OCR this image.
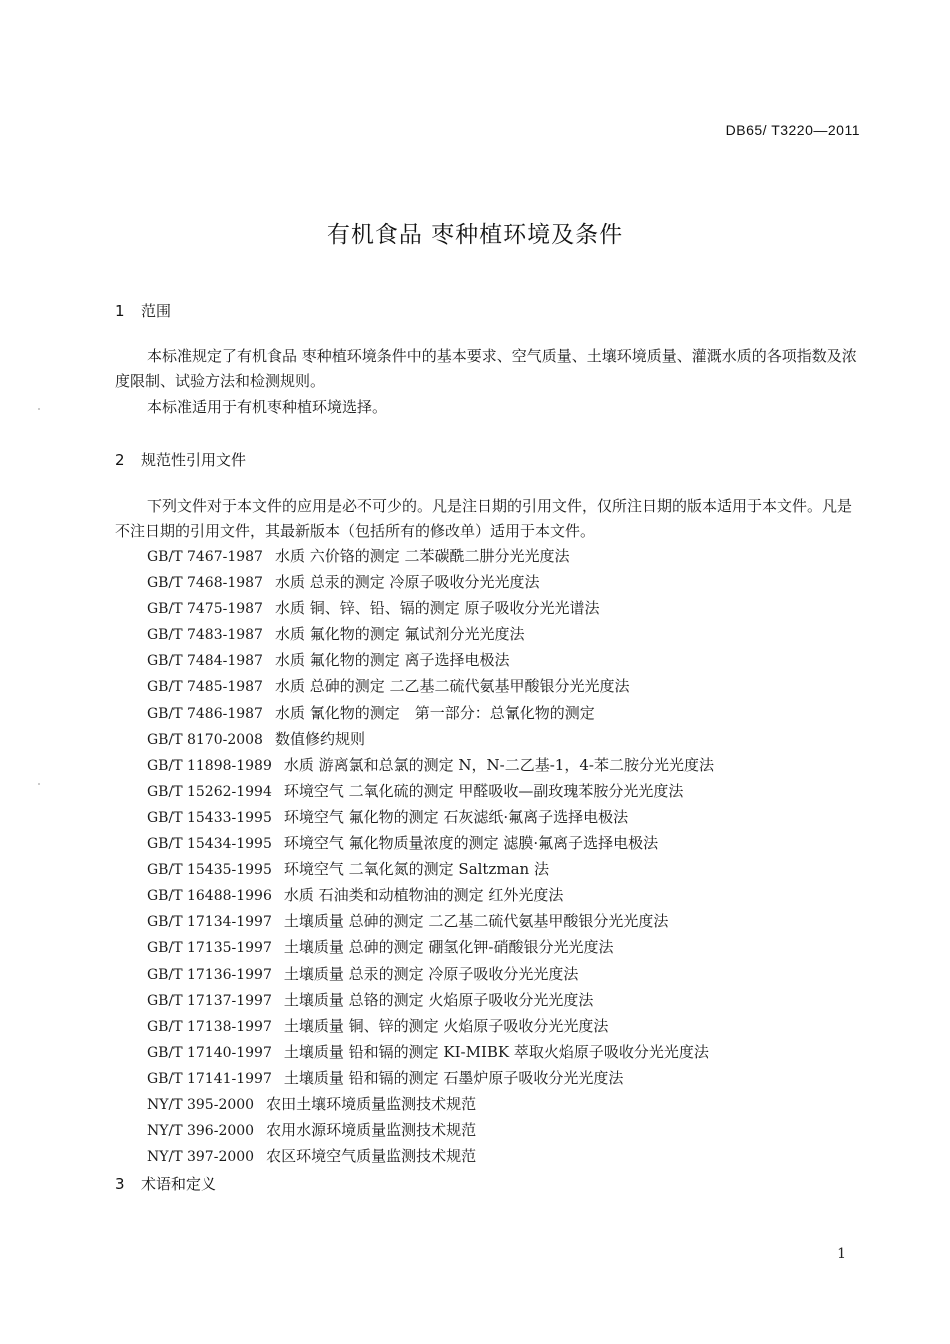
DB65/ T3220—2011
有机食品 枣种植环境及条件
1 范围
本标准规定了有机食品 枣种植环境条件中的基本要求、空气质量、土壤环境质量、灌溉水质的各项指数及浓度限制、试验方法和检测规则。
本标准适用于有机枣种植环境选择。
2 规范性引用文件
下列文件对于本文件的应用是必不可少的。凡是注日期的引用文件，仅所注日期的版本适用于本文件。凡是不注日期的引用文件，其最新版本（包括所有的修改单）适用于本文件。
GB/T 7467-1987 水质 六价铬的测定 二苯碳酰二肼分光光度法
GB/T 7468-1987 水质 总汞的测定 冷原子吸收分光光度法
GB/T 7475-1987 水质 铜、锌、铅、镉的测定 原子吸收分光光谱法
GB/T 7483-1987 水质 氟化物的测定 氟试剂分光光度法
GB/T 7484-1987 水质 氟化物的测定 离子选择电极法
GB/T 7485-1987 水质 总砷的测定 二乙基二硫代氨基甲酸银分光光度法
GB/T 7486-1987 水质 氰化物的测定　第一部分：总氰化物的测定
GB/T 8170-2008 数值修约规则
GB/T 11898-1989 水质 游离氯和总氯的测定 N，N-二乙基-1，4-苯二胺分光光度法
GB/T 15262-1994 环境空气 二氧化硫的测定 甲醛吸收—副玫瑰苯胺分光光度法
GB/T 15433-1995 环境空气 氟化物的测定 石灰滤纸·氟离子选择电极法
GB/T 15434-1995 环境空气 氟化物质量浓度的测定 滤膜·氟离子选择电极法
GB/T 15435-1995 环境空气 二氧化氮的测定 Saltzman 法
GB/T 16488-1996 水质 石油类和动植物油的测定 红外光度法
GB/T 17134-1997 土壤质量 总砷的测定 二乙基二硫代氨基甲酸银分光光度法
GB/T 17135-1997 土壤质量 总砷的测定 硼氢化钾-硝酸银分光光度法
GB/T 17136-1997 土壤质量 总汞的测定 冷原子吸收分光光度法
GB/T 17137-1997 土壤质量 总铬的测定 火焰原子吸收分光光度法
GB/T 17138-1997 土壤质量 铜、锌的测定 火焰原子吸收分光光度法
GB/T 17140-1997 土壤质量 铅和镉的测定 KI-MIBK 萃取火焰原子吸收分光光度法
GB/T 17141-1997 土壤质量 铅和镉的测定 石墨炉原子吸收分光光度法
NY/T 395-2000 农田土壤环境质量监测技术规范
NY/T 396-2000 农用水源环境质量监测技术规范
NY/T 397-2000 农区环境空气质量监测技术规范
3 术语和定义
1
